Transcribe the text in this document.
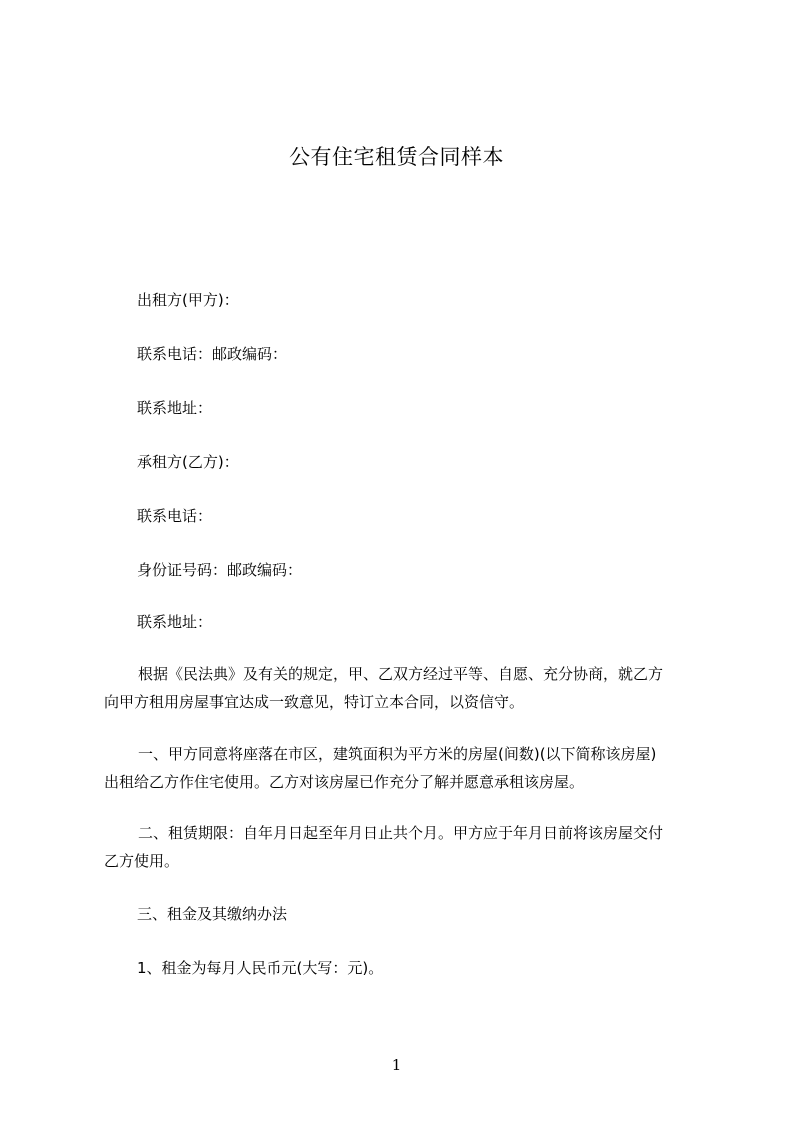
公有住宅租赁合同样本
出租方(甲方)：
联系电话：邮政编码：
联系地址：
承租方(乙方)：
联系电话：
身份证号码：邮政编码：
联系地址：
根据《民法典》及有关的规定，甲、乙双方经过平等、自愿、充分协商，就乙方
向甲方租用房屋事宜达成一致意见，特订立本合同，以资信守。
一、甲方同意将座落在市区，建筑面积为平方米的房屋(间数)(以下简称该房屋)
出租给乙方作住宅使用。乙方对该房屋已作充分了解并愿意承租该房屋。
二、租赁期限：自年月日起至年月日止共个月。甲方应于年月日前将该房屋交付
乙方使用。
三、租金及其缴纳办法
1、租金为每月人民币元(大写：元)。
1
